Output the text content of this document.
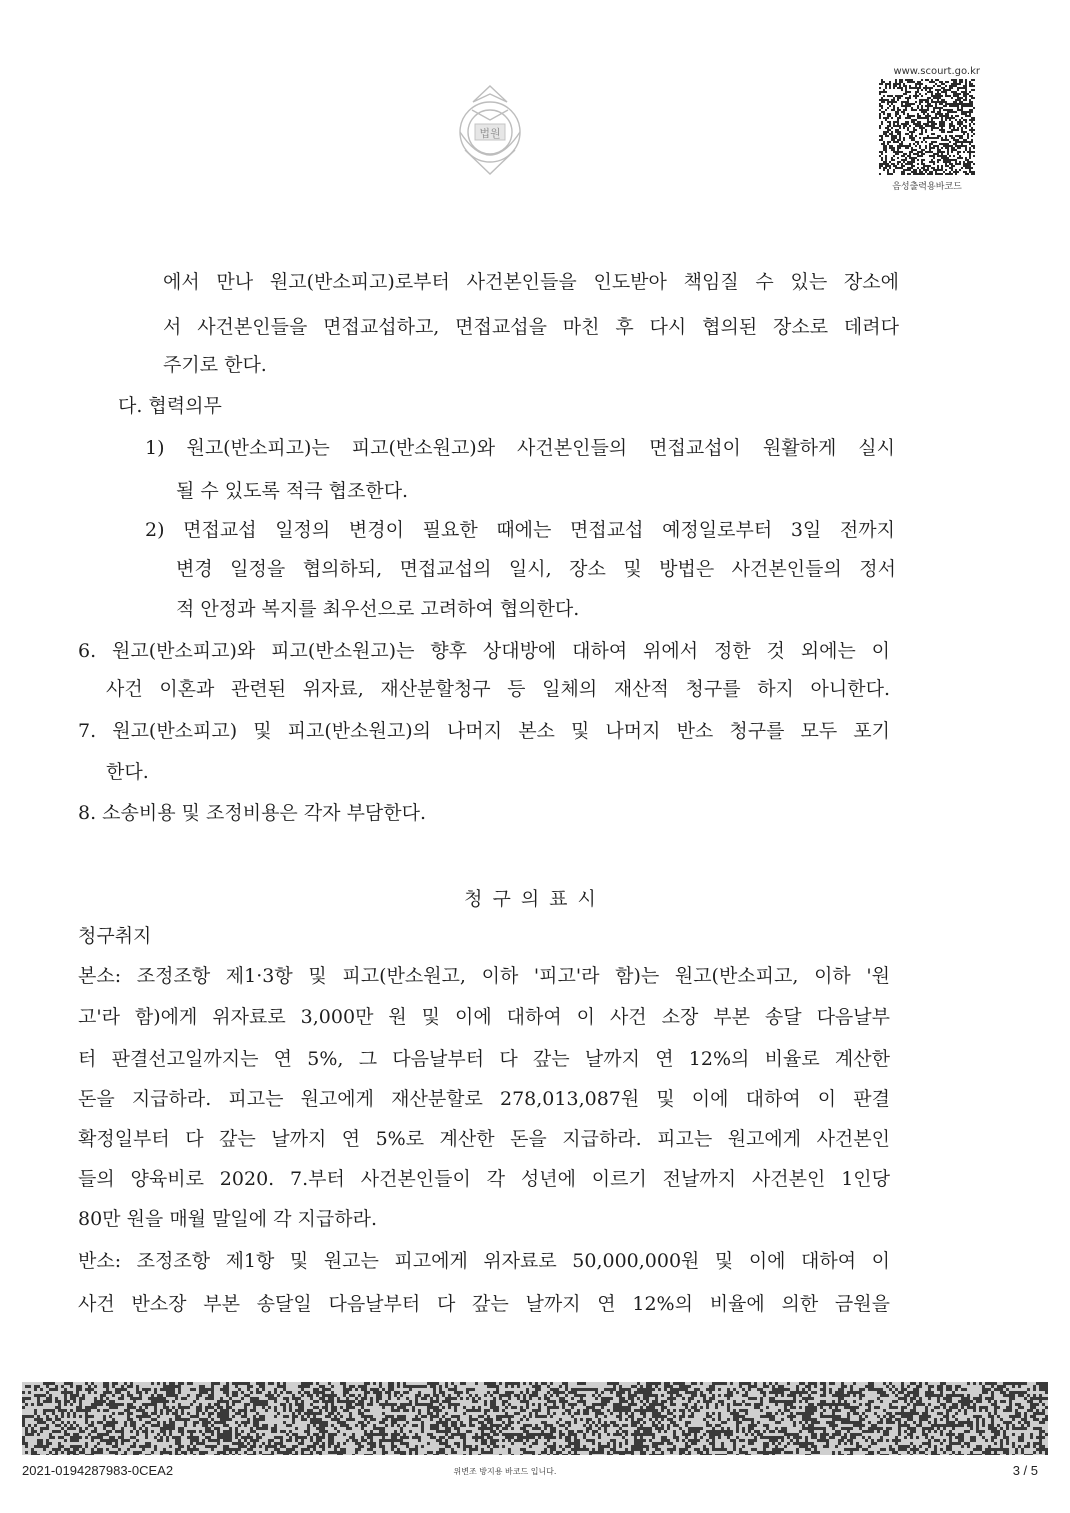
법원
www.scourt.go.kr
음성출력용바코드
에서 만나 원고(반소피고)로부터 사건본인들을 인도받아 책임질 수 있는 장소에
서 사건본인들을 면접교섭하고, 면접교섭을 마친 후 다시 협의된 장소로 데려다
주기로 한다.
다. 협력의무
1) 원고(반소피고)는 피고(반소원고)와 사건본인들의 면접교섭이 원활하게 실시
될 수 있도록 적극 협조한다.
2) 면접교섭 일정의 변경이 필요한 때에는 면접교섭 예정일로부터 3일 전까지
변경 일정을 협의하되, 면접교섭의 일시, 장소 및 방법은 사건본인들의 정서
적 안정과 복지를 최우선으로 고려하여 협의한다.
6. 원고(반소피고)와 피고(반소원고)는 향후 상대방에 대하여 위에서 정한 것 외에는 이
사건 이혼과 관련된 위자료, 재산분할청구 등 일체의 재산적 청구를 하지 아니한다.
7. 원고(반소피고) 및 피고(반소원고)의 나머지 본소 및 나머지 반소 청구를 모두 포기
한다.
8. 소송비용 및 조정비용은 각자 부담한다.
청구의표시
청구취지
본소: 조정조항 제1·3항 및 피고(반소원고, 이하 '피고'라 함)는 원고(반소피고, 이하 '원
고'라 함)에게 위자료로 3,000만 원 및 이에 대하여 이 사건 소장 부본 송달 다음날부
터 판결선고일까지는 연 5%, 그 다음날부터 다 갚는 날까지 연 12%의 비율로 계산한
돈을 지급하라. 피고는 원고에게 재산분할로 278,013,087원 및 이에 대하여 이 판결
확정일부터 다 갚는 날까지 연 5%로 계산한 돈을 지급하라. 피고는 원고에게 사건본인
들의 양육비로 2020. 7.부터 사건본인들이 각 성년에 이르기 전날까지 사건본인 1인당
80만 원을 매월 말일에 각 지급하라.
반소: 조정조항 제1항 및 원고는 피고에게 위자료로 50,000,000원 및 이에 대하여 이
사건 반소장 부본 송달일 다음날부터 다 갚는 날까지 연 12%의 비율에 의한 금원을
2021-0194287983-0CEA2	위변조 방지용 바코드 입니다.	3 / 5
